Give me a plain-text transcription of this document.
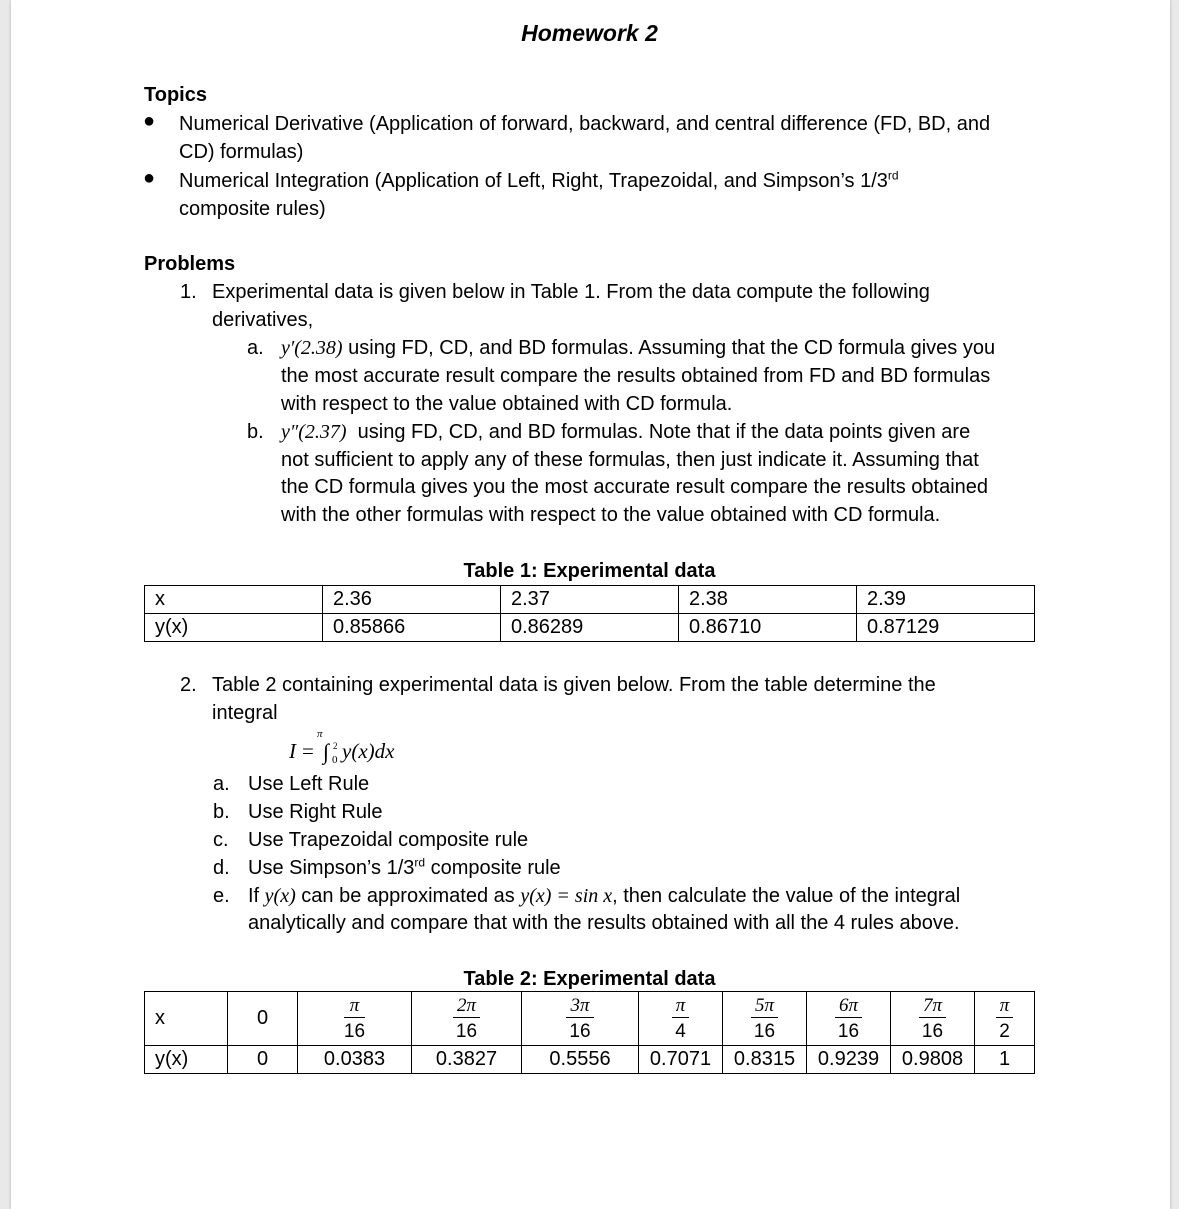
Homework 2
Topics
● Numerical Derivative (Application of forward, backward, and central difference (FD, BD, and
CD) formulas)
● Numerical Integration (Application of Left, Right, Trapezoidal, and Simpson’s 1/3rd
composite rules)
Problems
1. Experimental data is given below in Table 1. From the data compute the following
derivatives,
a. y′(2.38) using FD, CD, and BD formulas. Assuming that the CD formula gives you
the most accurate result compare the results obtained from FD and BD formulas
with respect to the value obtained with CD formula.
b. y″(2.37) using FD, CD, and BD formulas. Note that if the data points given are
not sufficient to apply any of these formulas, then just indicate it. Assuming that
the CD formula gives you the most accurate result compare the results obtained
with the other formulas with respect to the value obtained with CD formula.
Table 1: Experimental data
x	2.36	2.37	2.38	2.39
y(x)	0.85866	0.86289	0.86710	0.87129
2. Table 2 containing experimental data is given below. From the table determine the
integral
I = ∫ 0
π
2 y(x)dx
a. Use Left Rule
b. Use Right Rule
c. Use Trapezoidal composite rule
d. Use Simpson’s 1/3rd composite rule
e. If y(x) can be approximated as y(x) = sin x, then calculate the value of the integral
analytically and compare that with the results obtained with all the 4 rules above.
Table 2: Experimental data
x	0	$\frac{\pi}{16}$	$\frac{2\pi}{16}$	$\frac{3\pi}{16}$	$\frac{\pi}{4}$	$\frac{5\pi}{16}$	$\frac{6\pi}{16}$	$\frac{7\pi}{16}$	$\frac{\pi}{2}$

y(x)	0	0.0383	0.3827	0.5556	0.7071	0.8315	0.9239	0.9808	1
